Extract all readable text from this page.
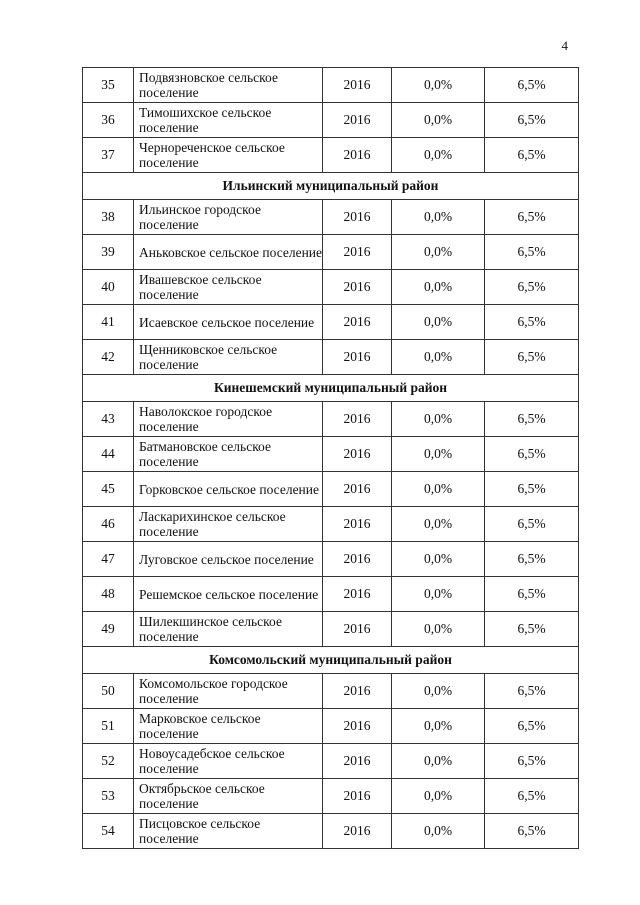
4
35	Подвязновское сельское поселение	2016	0,0%	6,5%
36	Тимошихское сельское поселение	2016	0,0%	6,5%
37	Чернореченское сельское поселение	2016	0,0%	6,5%
Ильинский муниципальный район				
38	Ильинское городское поселение	2016	0,0%	6,5%
39	Аньковское сельское поселение	2016	0,0%	6,5%
40	Ивашевское сельское поселение	2016	0,0%	6,5%
41	Исаевское сельское поселение	2016	0,0%	6,5%
42	Щенниковское сельское поселение	2016	0,0%	6,5%
Кинешемский муниципальный район				
43	Наволокское городское поселение	2016	0,0%	6,5%
44	Батмановское сельское поселение	2016	0,0%	6,5%
45	Горковское сельское поселение	2016	0,0%	6,5%
46	Ласкарихинское сельское поселение	2016	0,0%	6,5%
47	Луговское сельское поселение	2016	0,0%	6,5%
48	Решемское сельское поселение	2016	0,0%	6,5%
49	Шилекшинское сельское поселение	2016	0,0%	6,5%
Комсомольский муниципальный район				
50	Комсомольское городское поселение	2016	0,0%	6,5%
51	Марковское сельское поселение	2016	0,0%	6,5%
52	Новоусадебское сельское поселение	2016	0,0%	6,5%
53	Октябрьское сельское поселение	2016	0,0%	6,5%
54	Писцовское сельское поселение	2016	0,0%	6,5%
